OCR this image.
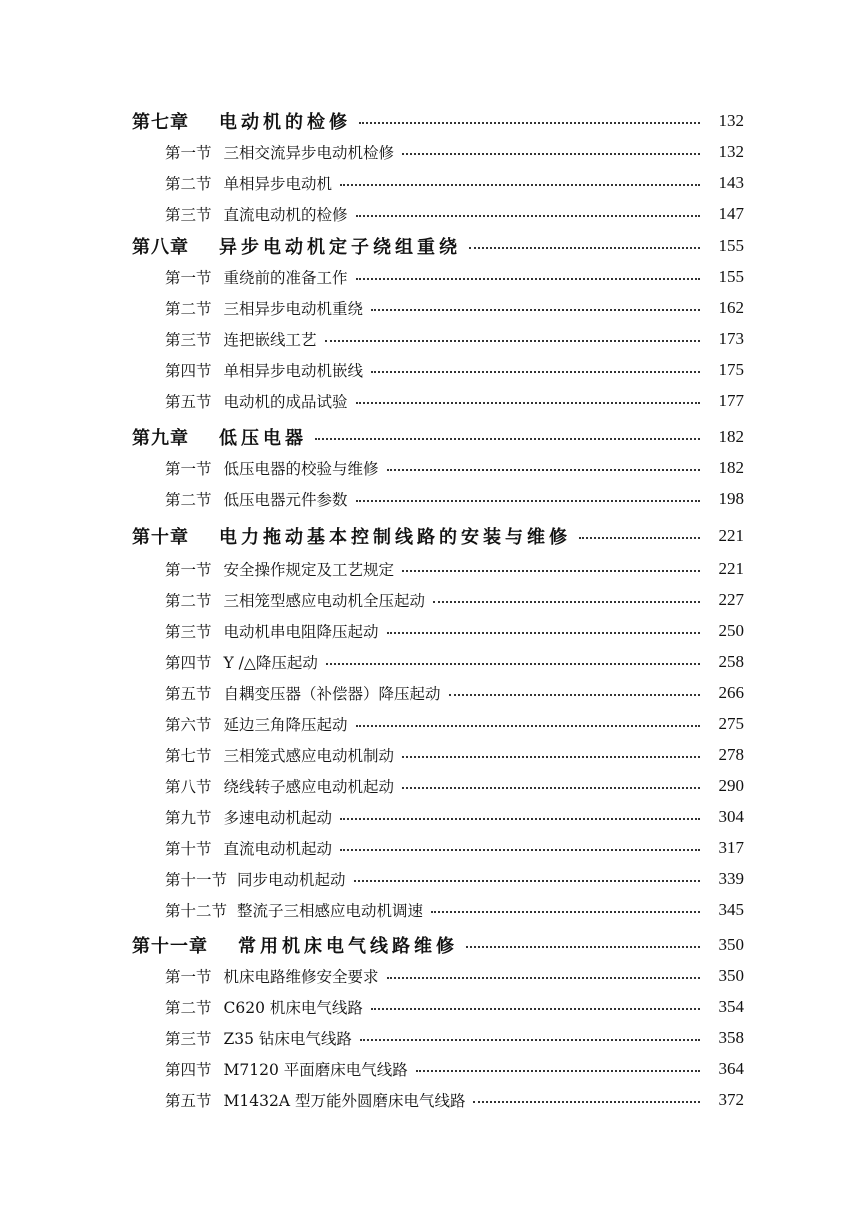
第七章 电动机的检修	132
第一节 三相交流异步电动机检修	132
第二节 单相异步电动机	143
第三节 直流电动机的检修	147
第八章 异步电动机定子绕组重绕	155
第一节 重绕前的准备工作	155
第二节 三相异步电动机重绕	162
第三节 连把嵌线工艺	173
第四节 单相异步电动机嵌线	175
第五节 电动机的成品试验	177
第九章 低压电器	182
第一节 低压电器的校验与维修	182
第二节 低压电器元件参数	198
第十章 电力拖动基本控制线路的安装与维修	221
第一节 安全操作规定及工艺规定	221
第二节 三相笼型感应电动机全压起动	227
第三节 电动机串电阻降压起动	250
第四节 Y /△降压起动	258
第五节 自耦变压器（补偿器）降压起动	266
第六节 延边三角降压起动	275
第七节 三相笼式感应电动机制动	278
第八节 绕线转子感应电动机起动	290
第九节 多速电动机起动	304
第十节 直流电动机起动	317
第十一节 同步电动机起动	339
第十二节 整流子三相感应电动机调速	345
第十一章 常用机床电气线路维修	350
第一节 机床电路维修安全要求	350
第二节 C620 机床电气线路	354
第三节 Z35 钻床电气线路	358
第四节 M7120 平面磨床电气线路	364
第五节 M1432A 型万能外圆磨床电气线路	372
